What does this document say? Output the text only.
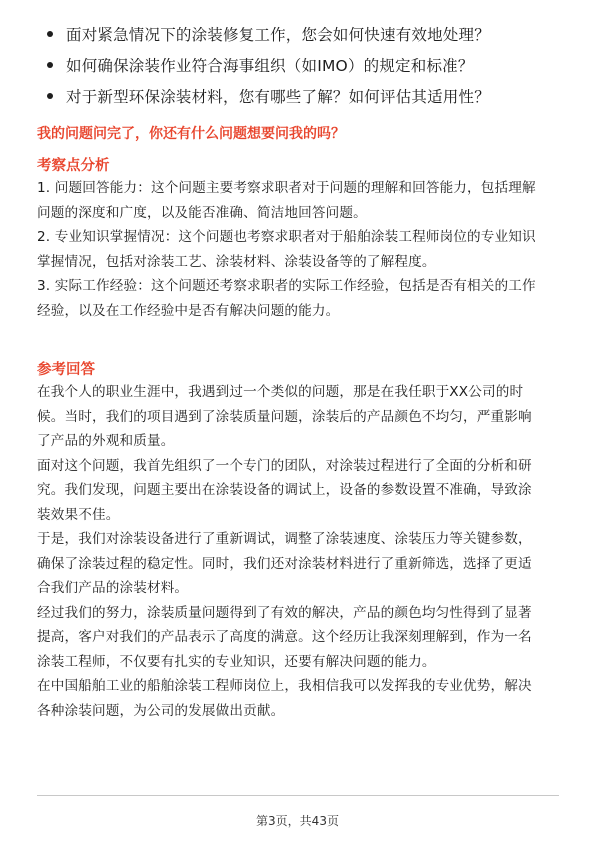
面对紧急情况下的涂装修复工作，您会如何快速有效地处理？
如何确保涂装作业符合海事组织（如IMO）的规定和标准？
对于新型环保涂装材料，您有哪些了解？如何评估其适用性？
我的问题问完了，你还有什么问题想要问我的吗？
考察点分析
1. 问题回答能力：这个问题主要考察求职者对于问题的理解和回答能力，包括理解
问题的深度和广度，以及能否准确、简洁地回答问题。
2. 专业知识掌握情况：这个问题也考察求职者对于船舶涂装工程师岗位的专业知识
掌握情况，包括对涂装工艺、涂装材料、涂装设备等的了解程度。
3. 实际工作经验：这个问题还考察求职者的实际工作经验，包括是否有相关的工作
经验，以及在工作经验中是否有解决问题的能力。
参考回答
在我个人的职业生涯中，我遇到过一个类似的问题，那是在我任职于XX公司的时
候。当时，我们的项目遇到了涂装质量问题，涂装后的产品颜色不均匀，严重影响
了产品的外观和质量。
面对这个问题，我首先组织了一个专门的团队，对涂装过程进行了全面的分析和研
究。我们发现，问题主要出在涂装设备的调试上，设备的参数设置不准确，导致涂
装效果不佳。
于是，我们对涂装设备进行了重新调试，调整了涂装速度、涂装压力等关键参数，
确保了涂装过程的稳定性。同时，我们还对涂装材料进行了重新筛选，选择了更适
合我们产品的涂装材料。
经过我们的努力，涂装质量问题得到了有效的解决，产品的颜色均匀性得到了显著
提高，客户对我们的产品表示了高度的满意。这个经历让我深刻理解到，作为一名
涂装工程师，不仅要有扎实的专业知识，还要有解决问题的能力。
在中国船舶工业的船舶涂装工程师岗位上，我相信我可以发挥我的专业优势，解决
各种涂装问题，为公司的发展做出贡献。
第3页，共43页
